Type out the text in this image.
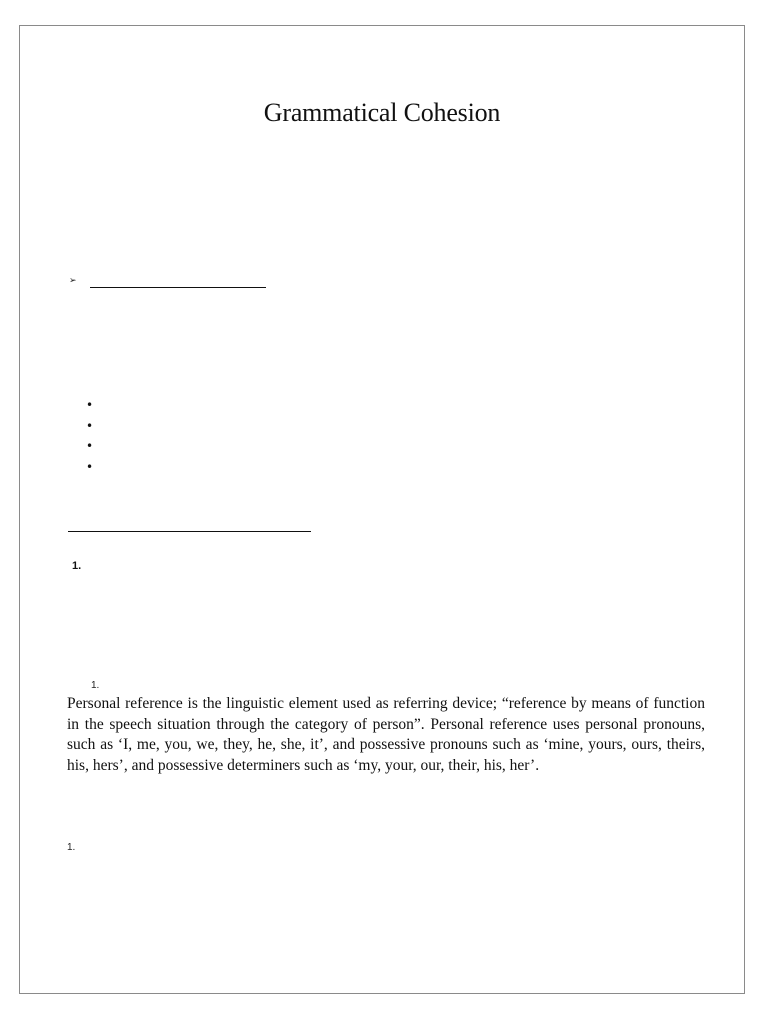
Grammatical Cohesion
➢
•
•
•
•
1.
1.

Personal reference is the linguistic element used as referring device; “reference by means of function in the speech situation through the category of person”. Personal reference uses personal pronouns, such as ‘I, me, you, we, they, he, she, it’, and possessive pronouns such as ‘mine, yours, ours, theirs, his, hers’, and possessive determiners such as ‘my, your, our, their, his, her’.

1.
